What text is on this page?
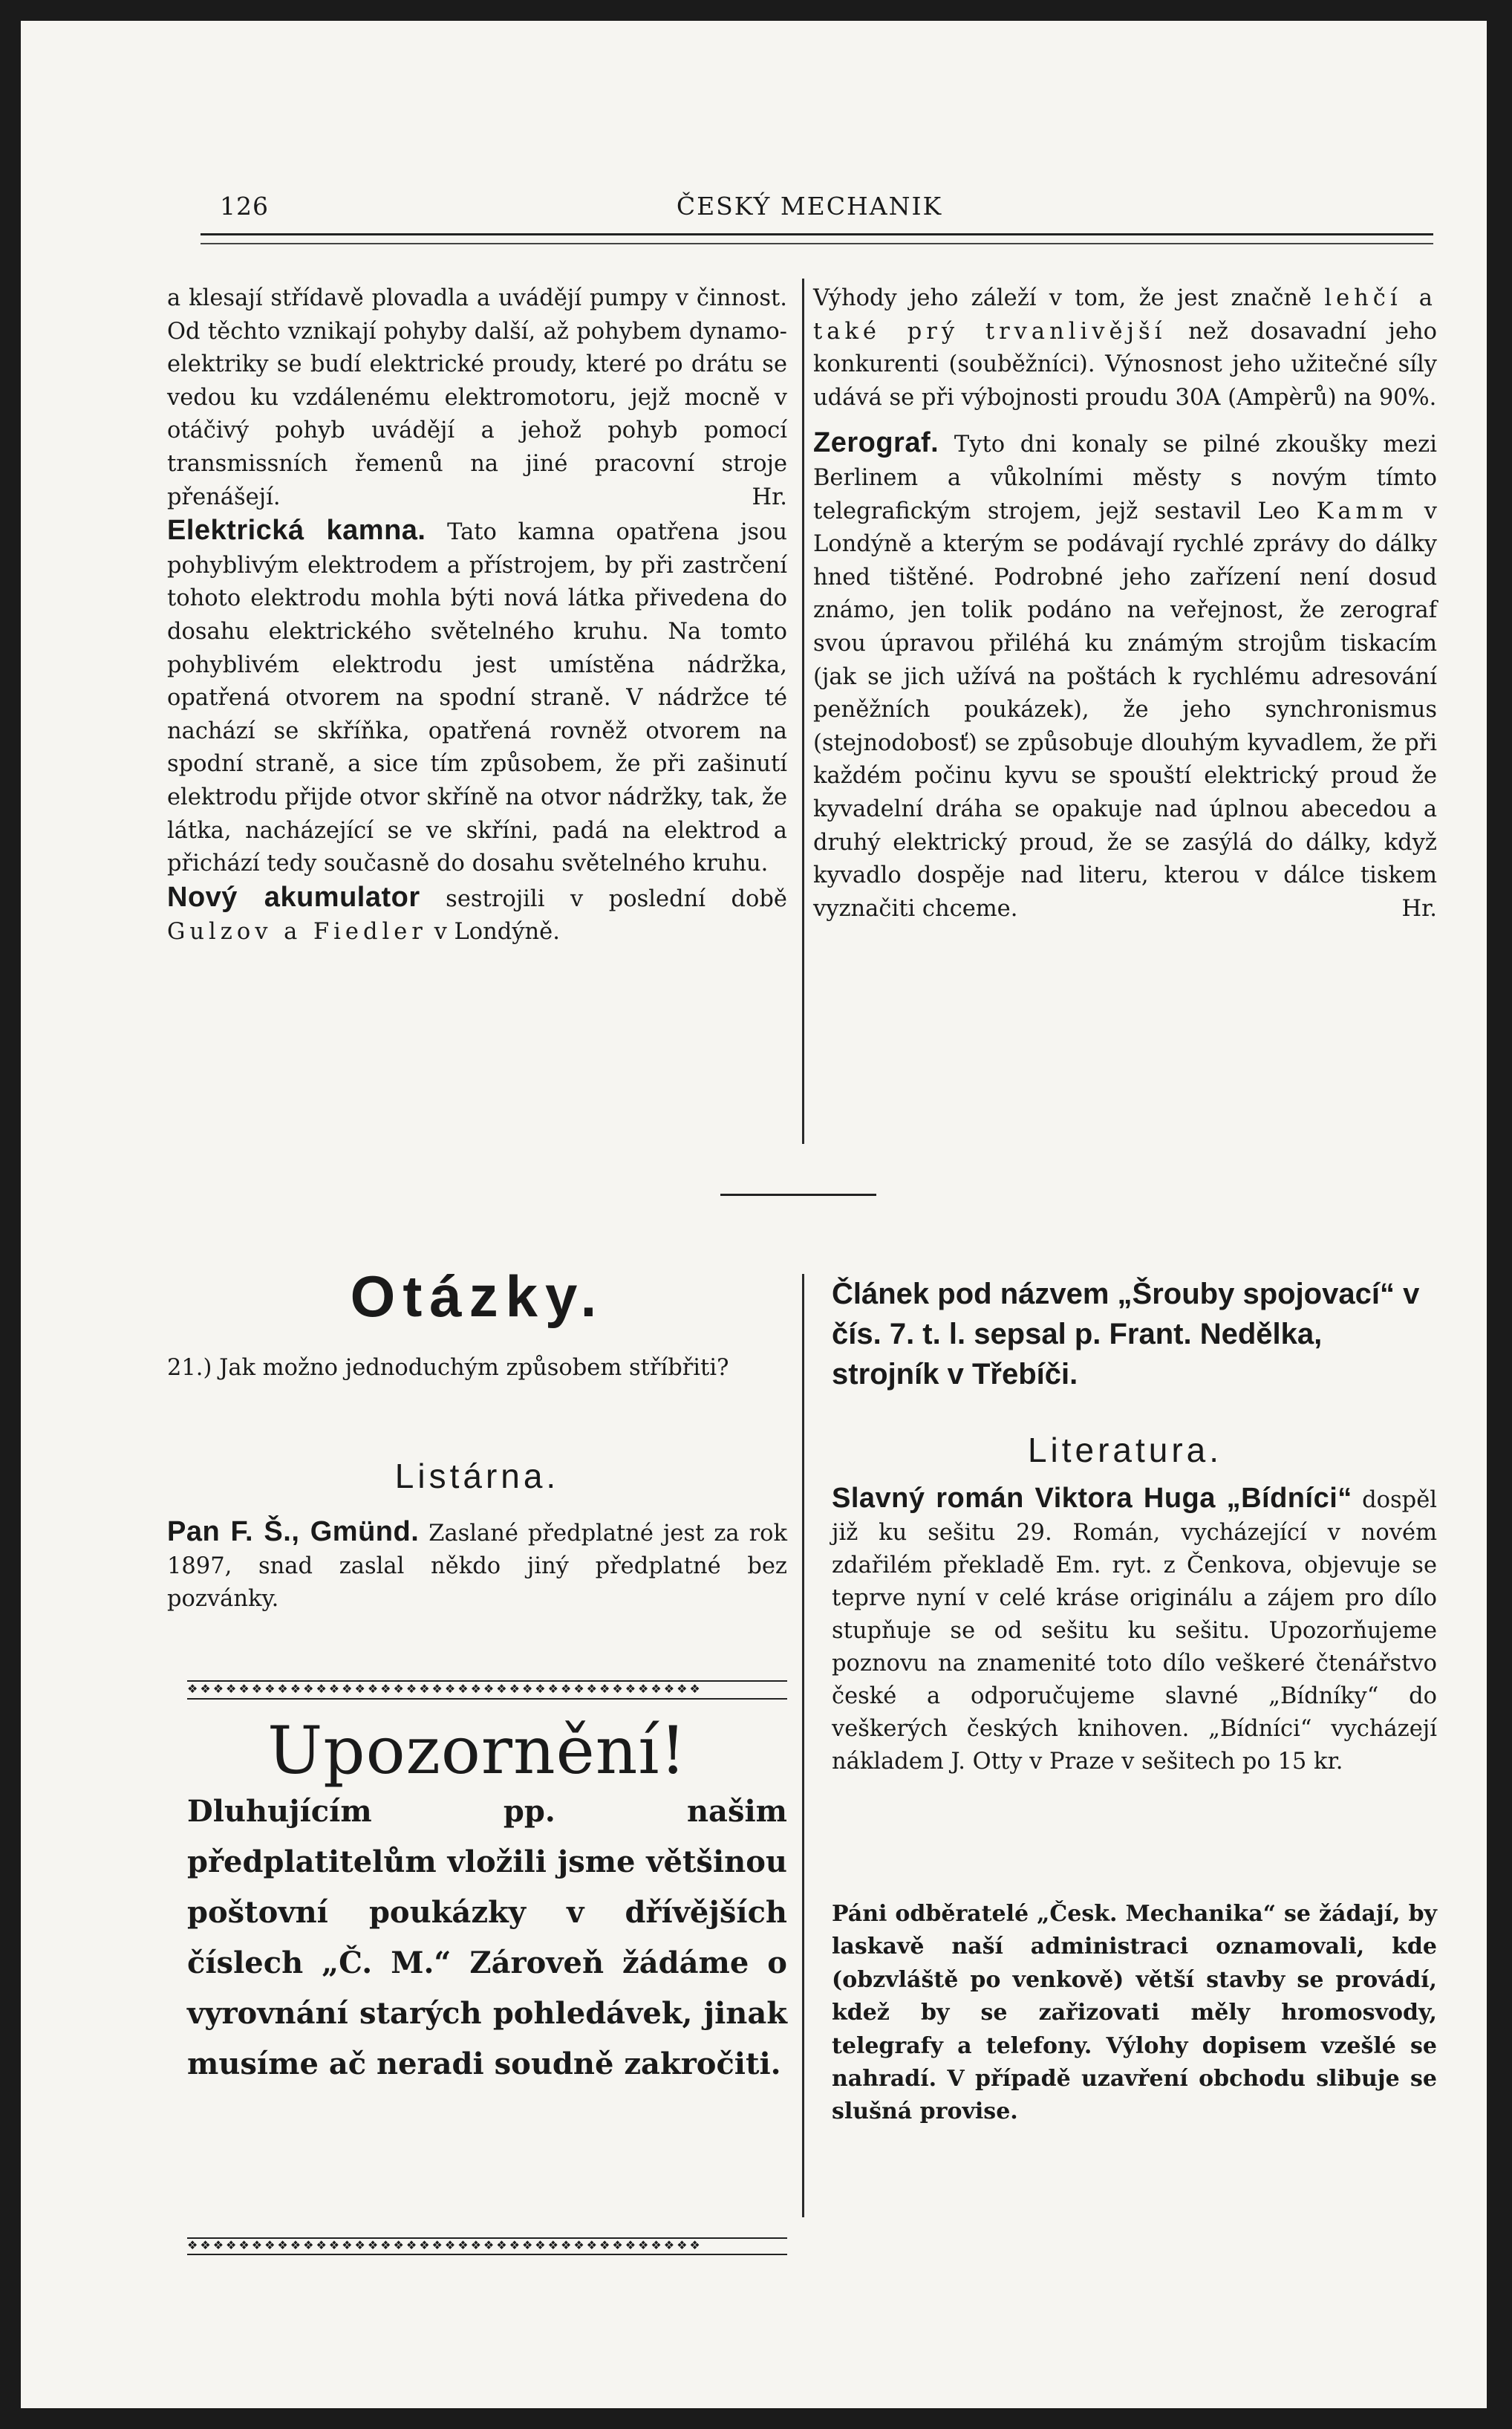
126	ČESKÝ MECHANIK

a klesají střídavě plovadla a uvádějí pumpy v činnost. Od těchto vznikají pohyby další, až pohybem dynamo-elektriky se budí elektrické proudy, které po drátu se vedou ku vzdálenému elektromotoru, jejž mocně v otáčivý pohyb uvádějí a jehož pohyb pomocí transmissních řemenů na jiné pracovní stroje přenášejí.	Hr.

Elektrická kamna. Tato kamna opatřena jsou pohyblivým elektrodem a přístrojem, by při zastrčení tohoto elektrodu mohla býti nová látka přivedena do dosahu elektrického světelného kruhu. Na tomto pohyblivém elektrodu jest umístěna nádržka, opatřená otvorem na spodní straně. V nádržce té nachází se skříňka, opatřená rovněž otvorem na spodní straně, a sice tím způsobem, že při zašinutí elektrodu přijde otvor skříně na otvor nádržky, tak, že látka, nacházející se ve skříni, padá na elektrod a přichází tedy současně do dosahu světelného kruhu.

Nový akumulator sestrojili v poslední době Gulzov a Fiedler v Londýně.

Výhody jeho záleží v tom, že jest značně lehčí a také prý trvanlivější než dosavadní jeho konkurenti (souběžníci). Výnosnost jeho užitečné síly udává se při výbojnosti proudu 30A (Ampèrů) na 90%.

Zerograf. Tyto dni konaly se pilné zkoušky mezi Berlinem a vůkolními městy s novým tímto telegrafickým strojem, jejž sestavil Leo Kamm v Londýně a kterým se podávají rychlé zprávy do dálky hned tištěné. Podrobné jeho zařízení není dosud známo, jen tolik podáno na veřejnost, že zerograf svou úpravou přiléhá ku známým strojům tiskacím (jak se jich užívá na poštách k rychlému adresování peněžních poukázek), že jeho synchronismus (stejnodobosť) se způsobuje dlouhým kyvadlem, že při každém počinu kyvu se spouští elektrický proud že kyvadelní dráha se opakuje nad úplnou abecedou a druhý elektrický proud, že se zasýlá do dálky, když kyvadlo dospěje nad literu, kterou v dálce tiskem vyznačiti chceme.	Hr.

Otázky.
21.) Jak možno jednoduchým způsobem stříbřiti?
Listárna.
Pan F. Š., Gmünd. Zaslané předplatné jest za rok 1897, snad zaslal někdo jiný předplatné bez pozvánky.
❖❖❖❖❖❖❖❖❖❖❖❖❖❖❖❖❖❖❖❖❖❖❖❖❖❖❖❖❖❖❖❖❖❖❖❖❖❖❖❖
Upozornění!
Dluhujícím pp. našim předplatitelům vložili jsme většinou poštovní poukázky v dřívějších číslech „Č. M.“ Zároveň žádáme o vyrovnání starých pohledávek, jinak musíme ač neradi soudně zakročiti.
❖❖❖❖❖❖❖❖❖❖❖❖❖❖❖❖❖❖❖❖❖❖❖❖❖❖❖❖❖❖❖❖❖❖❖❖❖❖❖❖
Článek pod názvem „Šrouby spojovací“ v čís. 7. t. l. sepsal p. Frant. Nedělka, strojník v Třebíči.
Literatura.
Slavný román Viktora Huga „Bídníci“ dospěl již ku sešitu 29. Román, vycházející v novém zdařilém překladě Em. ryt. z Čenkova, objevuje se teprve nyní v celé kráse originálu a zájem pro dílo stupňuje se od sešitu ku sešitu. Upozorňujeme poznovu na znamenité toto dílo veškeré čtenářstvo české a odporučujeme slavné „Bídníky“ do veškerých českých knihoven. „Bídníci“ vycházejí nákladem J. Otty v Praze v sešitech po 15 kr.
Páni odběratelé „Česk. Mechanika“ se žádají, by laskavě naší administraci oznamovali, kde (obzvláště po venkově) větší stavby se provádí, kdež by se zařizovati měly hromosvody, telegrafy a telefony. Výlohy dopisem vzešlé se nahradí. V případě uzavření obchodu slibuje se slušná provise.
